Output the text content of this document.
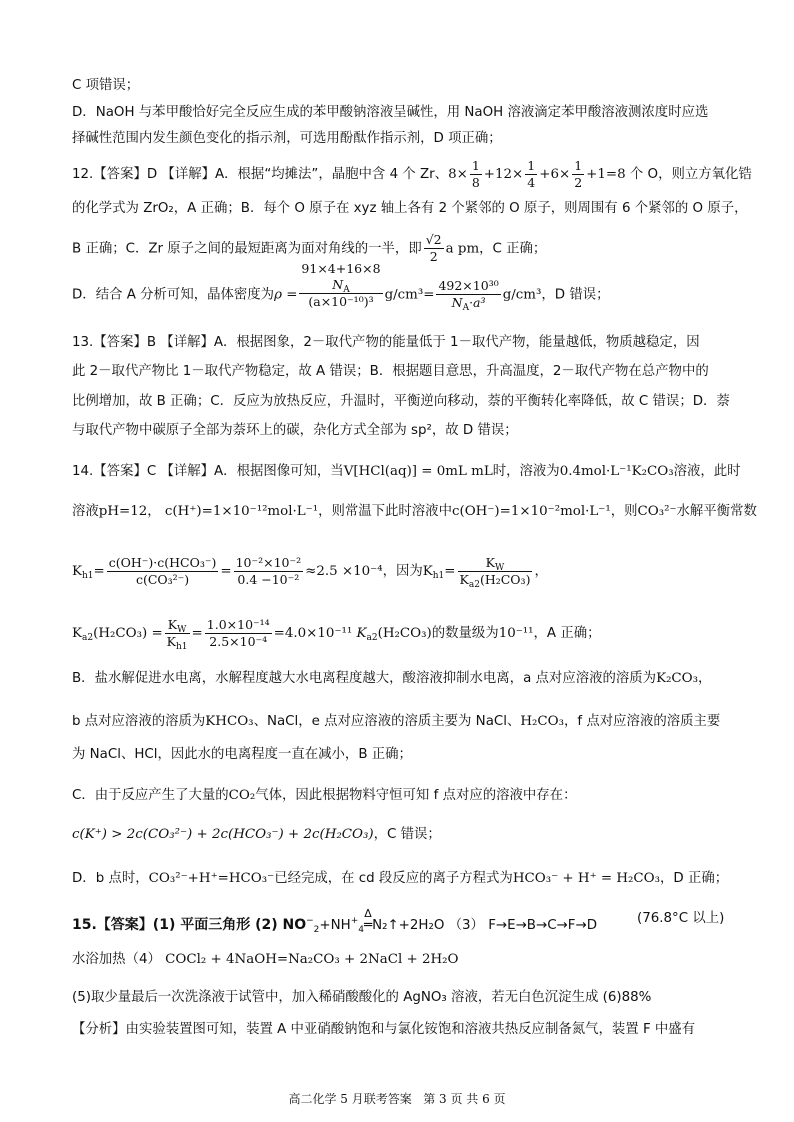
C 项错误；
D．NaOH 与苯甲酸恰好完全反应生成的苯甲酸钠溶液呈碱性，用 NaOH 溶液滴定苯甲酸溶液测浓度时应选
择碱性范围内发生颜色变化的指示剂，可选用酚酞作指示剂，D 项正确；
12.【答案】D 【详解】A．根据“均摊法”，晶胞中含 4 个 Zr、$8\times \frac{1}{8} +12\times \frac{1}{4} +6\times \frac{1}{2} +1=8$ 个 O，则立方氧化锆
的化学式为 ZrO₂，A 正确；B．每个 O 原子在 xyz 轴上各有 2 个紧邻的 O 原子，则周围有 6 个紧邻的 O 原子，
B 正确；C．Zr 原子之间的最短距离为面对角线的一半，即 $\frac{√2}{2}$ a pm，C 正确；
D．结合 A 分析可知，晶体密度为ρ =
91×4+16×8
$N_A$
(a×10⁻¹⁰)³ $g/cm^3= \frac{\text{492×10³⁰}}{N_A\cdot a^3} g/cm^3$，D 错误；
13.【答案】B 【详解】A．根据图象，2－取代产物的能量低于 1－取代产物，能量越低，物质越稳定，因
此 2－取代产物比 1－取代产物稳定，故 A 错误；B．根据题目意思，升高温度，2－取代产物在总产物中的
比例增加，故 B 正确；C．反应为放热反应，升温时，平衡逆向移动，萘的平衡转化率降低，故 C 错误；D．萘
与取代产物中碳原子全部为萘环上的碳，杂化方式全部为 sp²，故 D 错误；
14.【答案】C 【详解】A．根据图像可知，当V[HCl(aq)] = 0mL mL时，溶液为0.4mol·L⁻¹K₂CO₃溶液，此时
溶液pH=12， c(H⁺)=1×10⁻¹²mol·L⁻¹，则常温下此时溶液中c(OH⁻)=1×10⁻²mol·L⁻¹，则CO₃²⁻水解平衡常数
$K_{h1}= \frac{\text{c(OH⁻)·c(HCO₃⁻)}}{\text{c(CO₃²⁻)}} = \frac{\text{10⁻²×10⁻²}}{\text{0.4 −10⁻²}} \approx 2.5 \times 10^{-4}$，因为$K_{h1}= \frac{K_W}{K_{a2}(H_2CO_3)}$ ，
$K_{a2}(H_2CO_3) = \frac{K_W}{K_{h1}} = \frac{\text{1.0×10⁻¹⁴}}{\text{2.5×10⁻⁴}} =4.0\times 10^{-11}$ $K_{a2}(H_2CO_3)$的数量级为10⁻¹¹，A 正确；
B．盐水解促进水电离，水解程度越大水电离程度越大，酸溶液抑制水电离，a 点对应溶液的溶质为K₂CO₃，
b 点对应溶液的溶质为KHCO₃、NaCl，e 点对应溶液的溶质主要为 NaCl、H₂CO₃，f 点对应溶液的溶质主要
为 NaCl、HCl，因此水的电离程度一直在减小，B 正确；
C．由于反应产生了大量的CO₂气体，因此根据物料守恒可知 f 点对应的溶液中存在：
c(K⁺) > 2c(CO₃²⁻) + 2c(HCO₃⁻) + 2c(H₂CO₃)，C 错误；
D．b 点时，CO₃²⁻+H⁺=HCO₃⁻已经完成，在 cd 段反应的离子方程式为HCO₃⁻ + H⁺ = H₂CO₃，D 正确；
15.【答案】(1) 平面三角形 (2) $NO^-_2+NH^+_4$
Δ
═N₂↑+2H₂O （3） F→E→B→C→F→D	(76.8°C 以上)
水浴加热（4） COCl₂ + 4NaOH=Na₂CO₃ + 2NaCl + 2H₂O
(5)取少量最后一次洗涤液于试管中，加入稀硝酸酸化的 AgNO₃ 溶液，若无白色沉淀生成 (6)88%
【分析】由实验装置图可知，装置 A 中亚硝酸钠饱和与氯化铵饱和溶液共热反应制备氮气，装置 F 中盛有
高二化学 5 月联考答案 第 3 页 共 6 页
